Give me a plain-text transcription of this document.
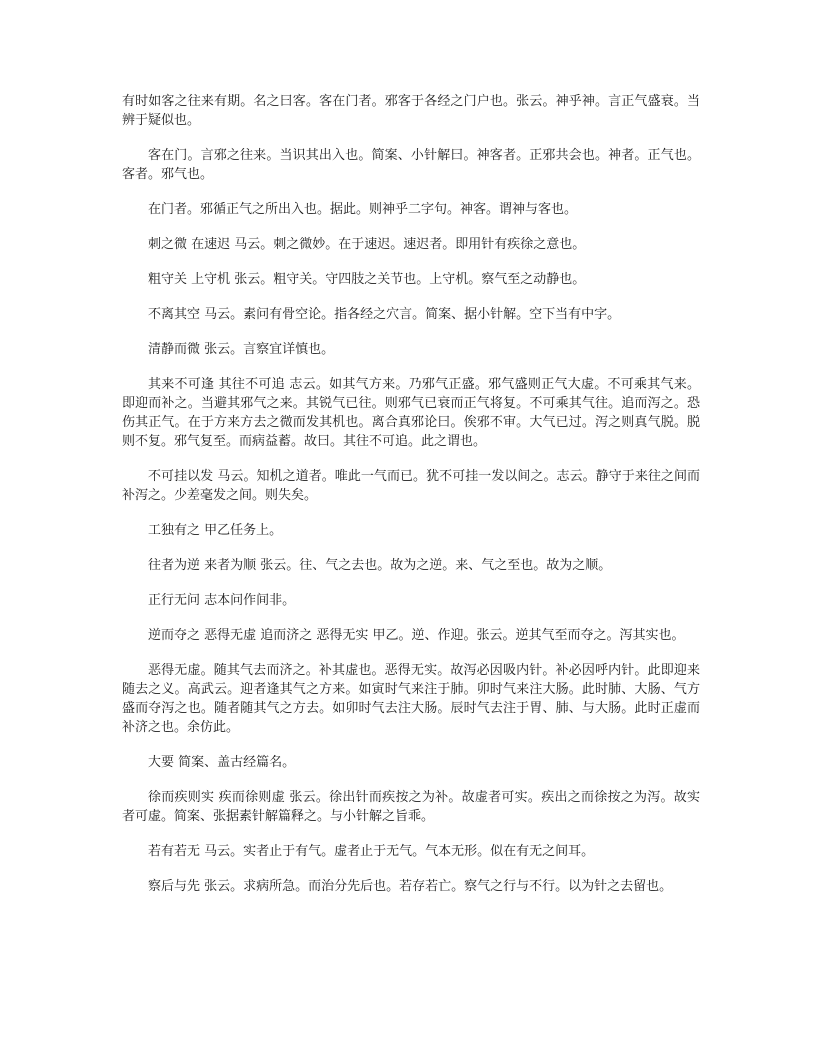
有时如客之往来有期。名之曰客。客在门者。邪客于各经之门户也。张云。神乎神。言正气盛衰。当辨于疑似也。

客在门。言邪之往来。当识其出入也。简案、小针解曰。神客者。正邪共会也。神者。正气也。客者。邪气也。

在门者。邪循正气之所出入也。据此。则神乎二字句。神客。谓神与客也。

刺之微 在速迟 马云。刺之微妙。在于速迟。速迟者。即用针有疾徐之意也。

粗守关 上守机 张云。粗守关。守四肢之关节也。上守机。察气至之动静也。

不离其空 马云。素问有骨空论。指各经之穴言。简案、据小针解。空下当有中字。

清静而微 张云。言察宜详慎也。

其来不可逢 其往不可追 志云。如其气方来。乃邪气正盛。邪气盛则正气大虚。不可乘其气来。即迎而补之。当避其邪气之来。其锐气已往。则邪气已衰而正气将复。不可乘其气往。追而泻之。恐伤其正气。在于方来方去之微而发其机也。离合真邪论曰。俟邪不审。大气已过。泻之则真气脱。脱则不复。邪气复至。而病益蓄。故曰。其往不可追。此之谓也。

不可挂以发 马云。知机之道者。唯此一气而已。犹不可挂一发以间之。志云。静守于来往之间而补泻之。少差毫发之间。则失矣。

工独有之 甲乙任务上。

往者为逆 来者为顺 张云。往、气之去也。故为之逆。来、气之至也。故为之顺。

正行无问 志本问作间非。

逆而夺之 恶得无虚 追而济之 恶得无实 甲乙。逆、作迎。张云。逆其气至而夺之。泻其实也。

恶得无虚。随其气去而济之。补其虚也。恶得无实。故泻必因吸内针。补必因呼内针。此即迎来随去之义。高武云。迎者逢其气之方来。如寅时气来注于肺。卯时气来注大肠。此时肺、大肠、气方盛而夺泻之也。随者随其气之方去。如卯时气去注大肠。辰时气去注于胃、肺、与大肠。此时正虚而补济之也。余仿此。

大要 简案、盖古经篇名。

徐而疾则实 疾而徐则虚 张云。徐出针而疾按之为补。故虚者可实。疾出之而徐按之为泻。故实者可虚。简案、张据素针解篇释之。与小针解之旨乖。

若有若无 马云。实者止于有气。虚者止于无气。气本无形。似在有无之间耳。

察后与先 张云。求病所急。而治分先后也。若存若亡。察气之行与不行。以为针之去留也。
